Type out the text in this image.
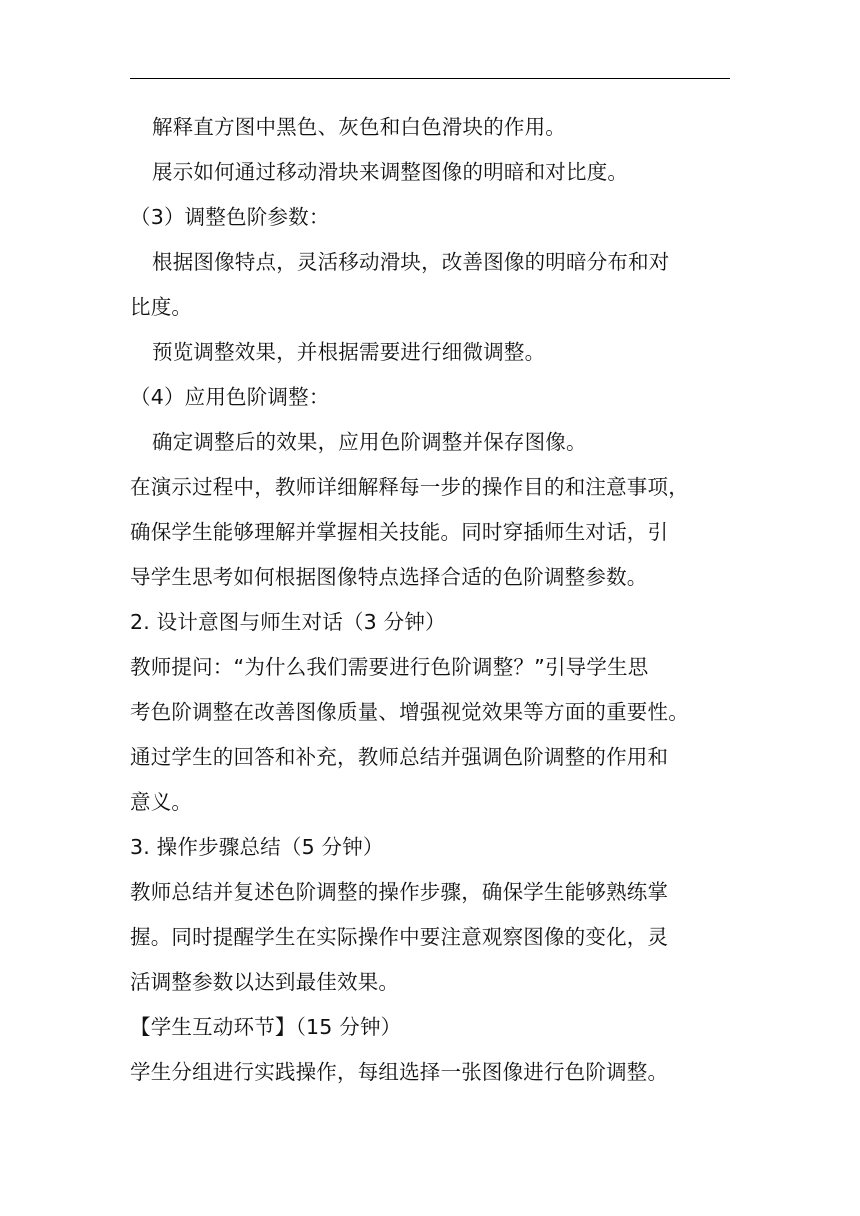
解释直方图中黑色、灰色和白色滑块的作用。
展示如何通过移动滑块来调整图像的明暗和对比度。
（3）调整色阶参数：
根据图像特点，灵活移动滑块，改善图像的明暗分布和对
比度。
预览调整效果，并根据需要进行细微调整。
（4）应用色阶调整：
确定调整后的效果，应用色阶调整并保存图像。
在演示过程中，教师详细解释每一步的操作目的和注意事项，
确保学生能够理解并掌握相关技能。同时穿插师生对话，引
导学生思考如何根据图像特点选择合适的色阶调整参数。
2. 设计意图与师生对话（3 分钟）
教师提问：“为什么我们需要进行色阶调整？”引导学生思
考色阶调整在改善图像质量、增强视觉效果等方面的重要性。
通过学生的回答和补充，教师总结并强调色阶调整的作用和
意义。
3. 操作步骤总结（5 分钟）
教师总结并复述色阶调整的操作步骤，确保学生能够熟练掌
握。同时提醒学生在实际操作中要注意观察图像的变化，灵
活调整参数以达到最佳效果。
【学生互动环节】（15 分钟）
学生分组进行实践操作，每组选择一张图像进行色阶调整。
